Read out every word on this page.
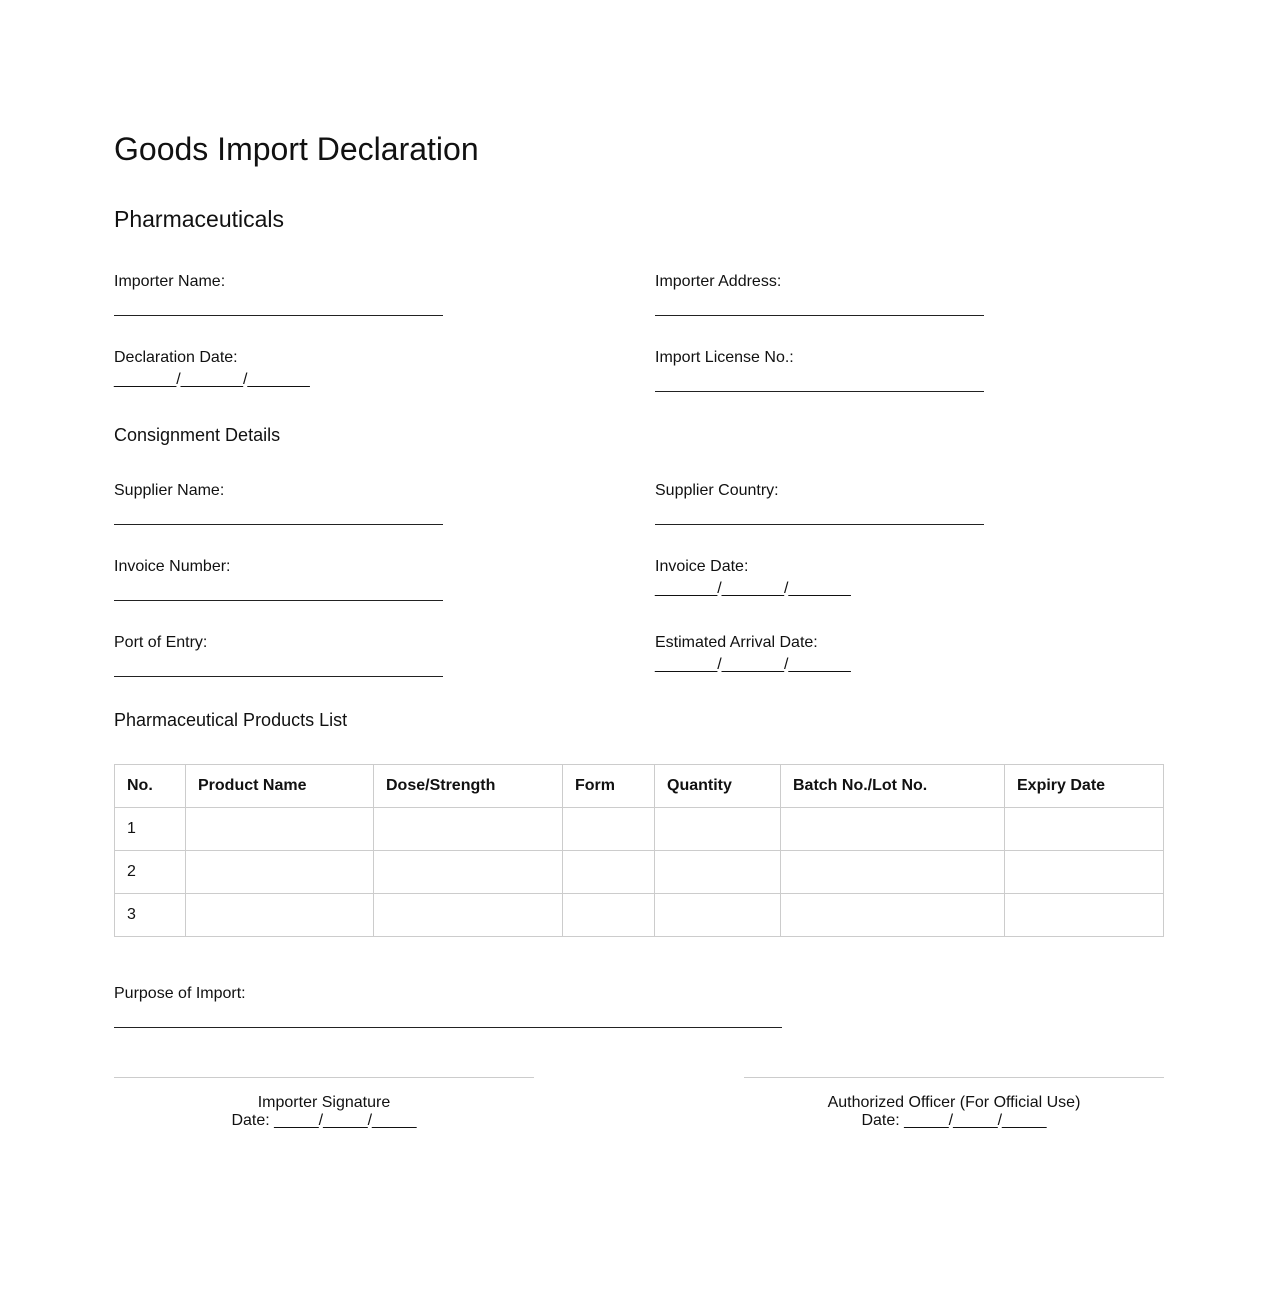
Goods Import Declaration
Pharmaceuticals
Importer Name:	Importer Address:
Declaration Date:
_______/_______/_______
Import License No.:
Consignment Details
Supplier Name:	Supplier Country:
Invoice Number:	Invoice Date:
_______/_______/_______
Port of Entry:	Estimated Arrival Date:
_______/_______/_______
Pharmaceutical Products List
No.	Product Name	Dose/Strength	Form	Quantity	Batch No./Lot No.	Expiry Date
1						
2						
3						
Purpose of Import:
Importer Signature
Date: _____/_____/_____
Authorized Officer (For Official Use)
Date: _____/_____/_____
